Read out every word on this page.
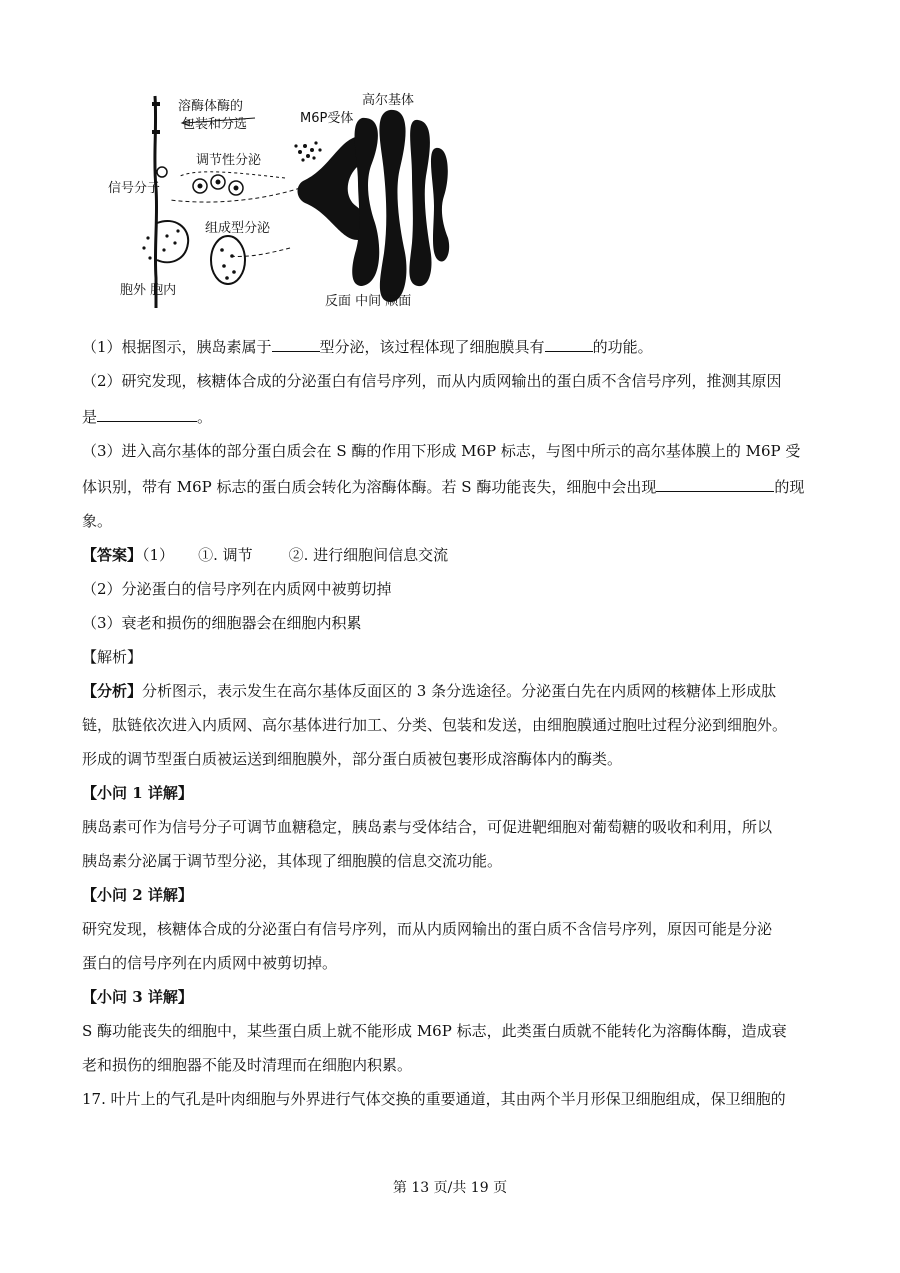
溶酶体酶的
包装和分选	M6P受体
高尔基体
调节性分泌
信号分子
组成型分泌
胞外 胞内
反面 中间 顺面

（1）根据图示，胰岛素属于	型分泌，该过程体现了细胞膜具有	的功能。

（2）研究发现，核糖体合成的分泌蛋白有信号序列，而从内质网输出的蛋白质不含信号序列，推测其原因

是	。

（3）进入高尔基体的部分蛋白质会在 S 酶的作用下形成 M6P 标志，与图中所示的高尔基体膜上的 M6P 受

体识别，带有 M6P 标志的蛋白质会转化为溶酶体酶。若 S 酶功能丧失，细胞中会出现	的现

象。

【答案】（1） ①. 调节 ②. 进行细胞间信息交流

（2）分泌蛋白的信号序列在内质网中被剪切掉

（3）衰老和损伤的细胞器会在细胞内积累

【解析】

【分析】分析图示，表示发生在高尔基体反面区的 3 条分选途径。分泌蛋白先在内质网的核糖体上形成肽

链，肽链依次进入内质网、高尔基体进行加工、分类、包装和发送，由细胞膜通过胞吐过程分泌到细胞外。

形成的调节型蛋白质被运送到细胞膜外，部分蛋白质被包裹形成溶酶体内的酶类。

【小问 1 详解】

胰岛素可作为信号分子可调节血糖稳定，胰岛素与受体结合，可促进靶细胞对葡萄糖的吸收和利用，所以

胰岛素分泌属于调节型分泌，其体现了细胞膜的信息交流功能。

【小问 2 详解】

研究发现，核糖体合成的分泌蛋白有信号序列，而从内质网输出的蛋白质不含信号序列，原因可能是分泌

蛋白的信号序列在内质网中被剪切掉。

【小问 3 详解】

S 酶功能丧失的细胞中，某些蛋白质上就不能形成 M6P 标志，此类蛋白质就不能转化为溶酶体酶，造成衰

老和损伤的细胞器不能及时清理而在细胞内积累。

17. 叶片上的气孔是叶肉细胞与外界进行气体交换的重要通道，其由两个半月形保卫细胞组成，保卫细胞的

第 13 页/共 19 页
